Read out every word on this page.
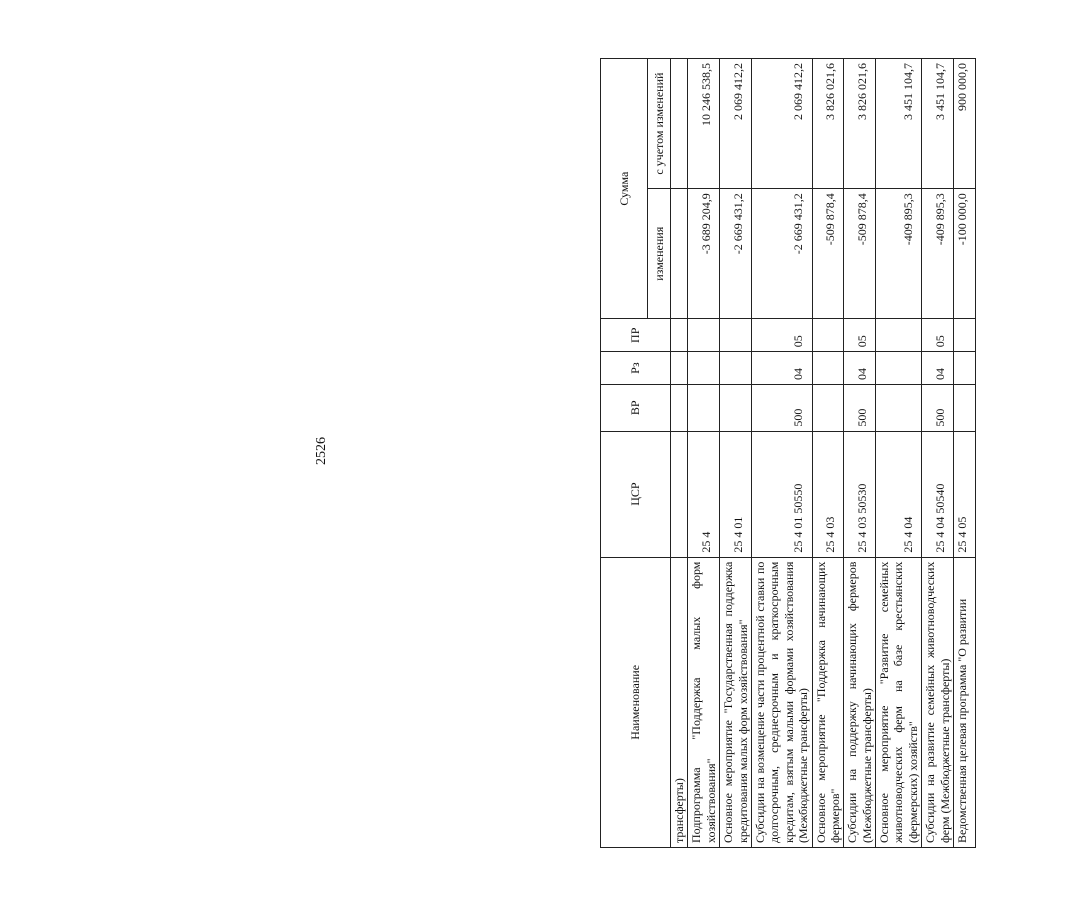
2526
Наименование	ЦСР	ВР	Рз	ПР	Сумма	
					изменения	с учетом изменений
трансферты)						
Подпрограмма "Поддержка малых форм хозяйствования"	25 4				-3 689 204,9	10 246 538,5
Основное мероприятие "Государственная поддержка кредитования малых форм хозяйствования"	25 4 01				-2 669 431,2	2 069 412,2
Субсидии на возмещение части процентной ставки по долгосрочным, среднесрочным и краткосрочным кредитам, взятым малыми формами хозяйствования (Межбюджетные трансферты)	25 4 01 50550	500	04	05	-2 669 431,2	2 069 412,2
Основное мероприятие "Поддержка начинающих фермеров"	25 4 03				-509 878,4	3 826 021,6
Субсидии на поддержку начинающих фермеров (Межбюджетные трансферты)	25 4 03 50530	500	04	05	-509 878,4	3 826 021,6
Основное мероприятие "Развитие семейных животноводческих ферм на базе крестьянских (фермерских) хозяйств"	25 4 04				-409 895,3	3 451 104,7
Субсидии на развитие семейных животноводческих ферм (Межбюджетные трансферты)	25 4 04 50540	500	04	05	-409 895,3	3 451 104,7
Ведомственная целевая программа "О развитии	25 4 05				-100 000,0	900 000,0
